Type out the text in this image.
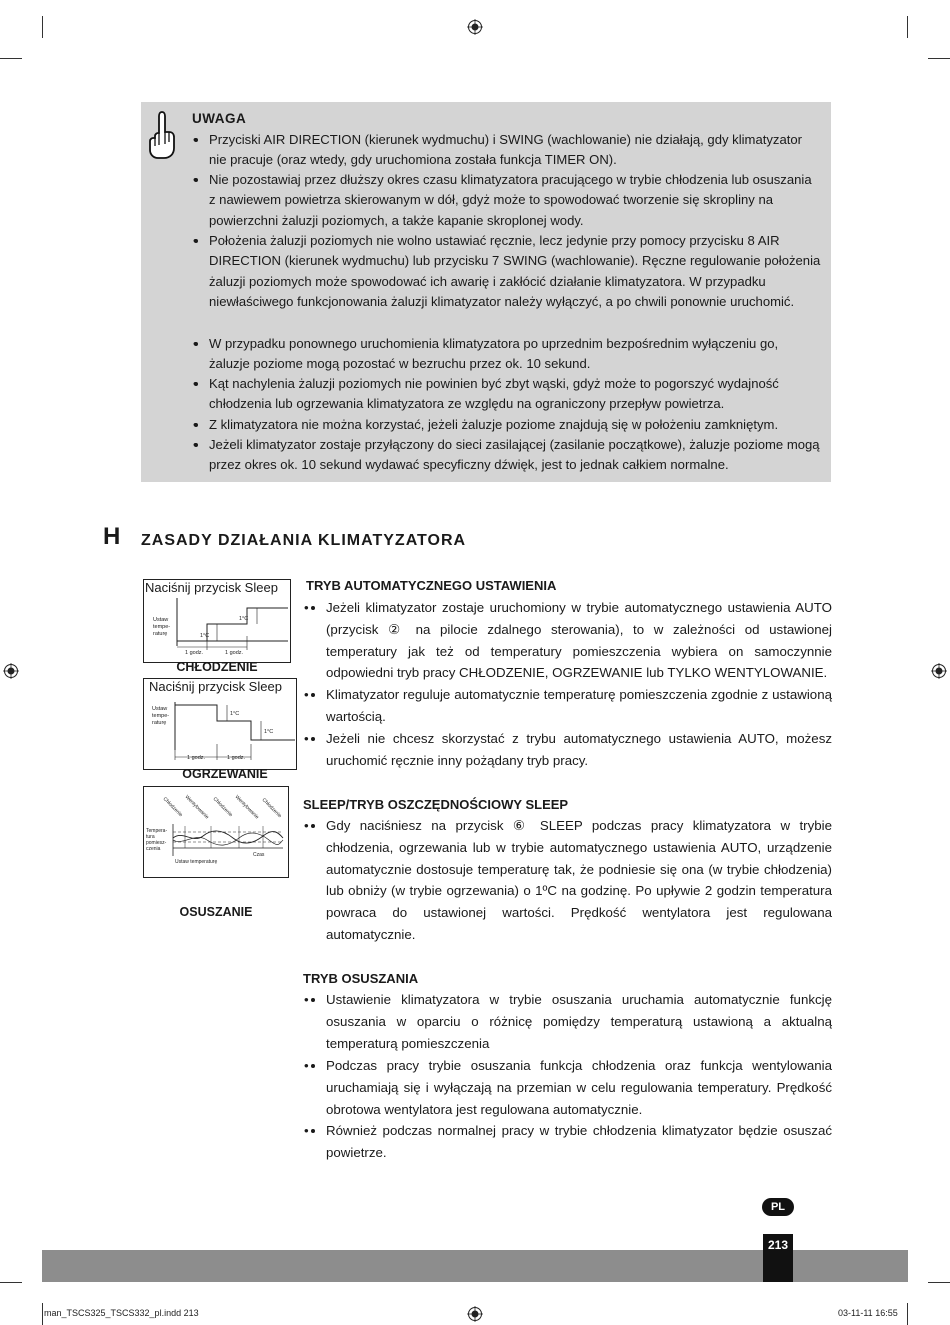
UWAGA
• • Przyciski AIR DIRECTION (kierunek wydmuchu) i SWING (wachlowanie) nie działają, gdy klimatyzator nie pracuje (oraz wtedy, gdy uruchomiona została funkcja TIMER ON).
• • Nie pozostawiaj przez dłuższy okres czasu klimatyzatora pracującego w trybie chłodzenia lub osuszania z nawiewem powietrza skierowanym w dół, gdyż może to spowodować tworzenie się skropliny na powierzchni żaluzji poziomych, a także kapanie skroplonej wody.
• • Położenia żaluzji poziomych nie wolno ustawiać ręcznie, lecz jedynie przy pomocy przycisku 8 AIR DIRECTION (kierunek wydmuchu) lub przycisku 7 SWING (wachlowanie). Ręczne regulowanie położenia żaluzji poziomych może spowodować ich awarię i zakłócić działanie klimatyzatora. W przypadku niewłaściwego funkcjonowania żaluzji klimatyzator należy wyłączyć, a po chwili ponownie uruchomić.
• • W przypadku ponownego uruchomienia klimatyzatora po uprzednim bezpośrednim wyłączeniu go, żaluzje poziome mogą pozostać w bezruchu przez ok. 10 sekund.
• • Kąt nachylenia żaluzji poziomych nie powinien być zbyt wąski, gdyż może to pogorszyć wydajność chłodzenia lub ogrzewania klimatyzatora ze względu na ograniczony przepływ powietrza.
• • Z klimatyzatora nie można korzystać, jeżeli żaluzje poziome znajdują się w położeniu zamkniętym.
• • Jeżeli klimatyzator zostaje przyłączony do sieci zasilającej (zasilanie początkowe), żaluzje poziome mogą przez okres ok. 10 sekund wydawać specyficzny dźwięk, jest to jednak całkiem normalne.
H ZASADY DZIAŁANIA KLIMATYZATORA
Naciśnij przycisk Sleep
Ustaw
tempe-
raturę	1°C
1°C
1 godz.	1 godz.
CHŁODZENIE
Naciśnij przycisk Sleep
Ustaw
tempe-
raturę
1°C
1°C
1 godz.	1 godz.
OGRZEWANIE
Chłodzenie Wentylowanie Chłodzenie Wentylowanie Chłodzenie
Tempera-
tura
pomiesz-
czenia
Czas
Ustaw temperaturę
OSUSZANIE
TRYB AUTOMATYCZNEGO USTAWIENIA
• • Jeżeli klimatyzator zostaje uruchomiony w trybie automatycznego ustawienia AUTO (przycisk ② na pilocie zdalnego sterowania), to w zależności od ustawionej temperatury jak też od temperatury pomieszczenia wybiera on samoczynnie odpowiedni tryb pracy CHŁODZENIE, OGRZEWANIE lub TYLKO WENTYLOWANIE.
• • Klimatyzator reguluje automatycznie temperaturę pomieszczenia zgodnie z ustawioną wartością.
• • Jeżeli nie chcesz skorzystać z trybu automatycznego ustawienia AUTO, możesz uruchomić ręcznie inny pożądany tryb pracy.
SLEEP/TRYB OSZCZĘDNOŚCIOWY SLEEP
• • Gdy naciśniesz na przycisk ⑥ SLEEP podczas pracy klimatyzatora w trybie chłodzenia, ogrzewania lub w trybie automatycznego ustawienia AUTO, urządzenie automatycznie dostosuje temperaturę tak, że podniesie się ona (w trybie chłodzenia) lub obniży (w trybie ogrzewania) o 1ºC na godzinę. Po upływie 2 godzin temperatura powraca do ustawionej wartości. Prędkość wentylatora jest regulowana automatycznie.
TRYB OSUSZANIA
• • Ustawienie klimatyzatora w trybie osuszania uruchamia automatycznie funkcję osuszania w oparciu o różnicę pomiędzy temperaturą ustawioną a aktualną temperaturą pomieszczenia
• • Podczas pracy trybie osuszania funkcja chłodzenia oraz funkcja wentylowania uruchamiają się i wyłączają na przemian w celu regulowania temperatury. Prędkość obrotowa wentylatora jest regulowana automatycznie.
• • Również podczas normalnej pracy w trybie chłodzenia klimatyzator będzie osuszać powietrze.
PL
213
man_TSCS325_TSCS332_pl.indd 213	03-11-11 16:55
